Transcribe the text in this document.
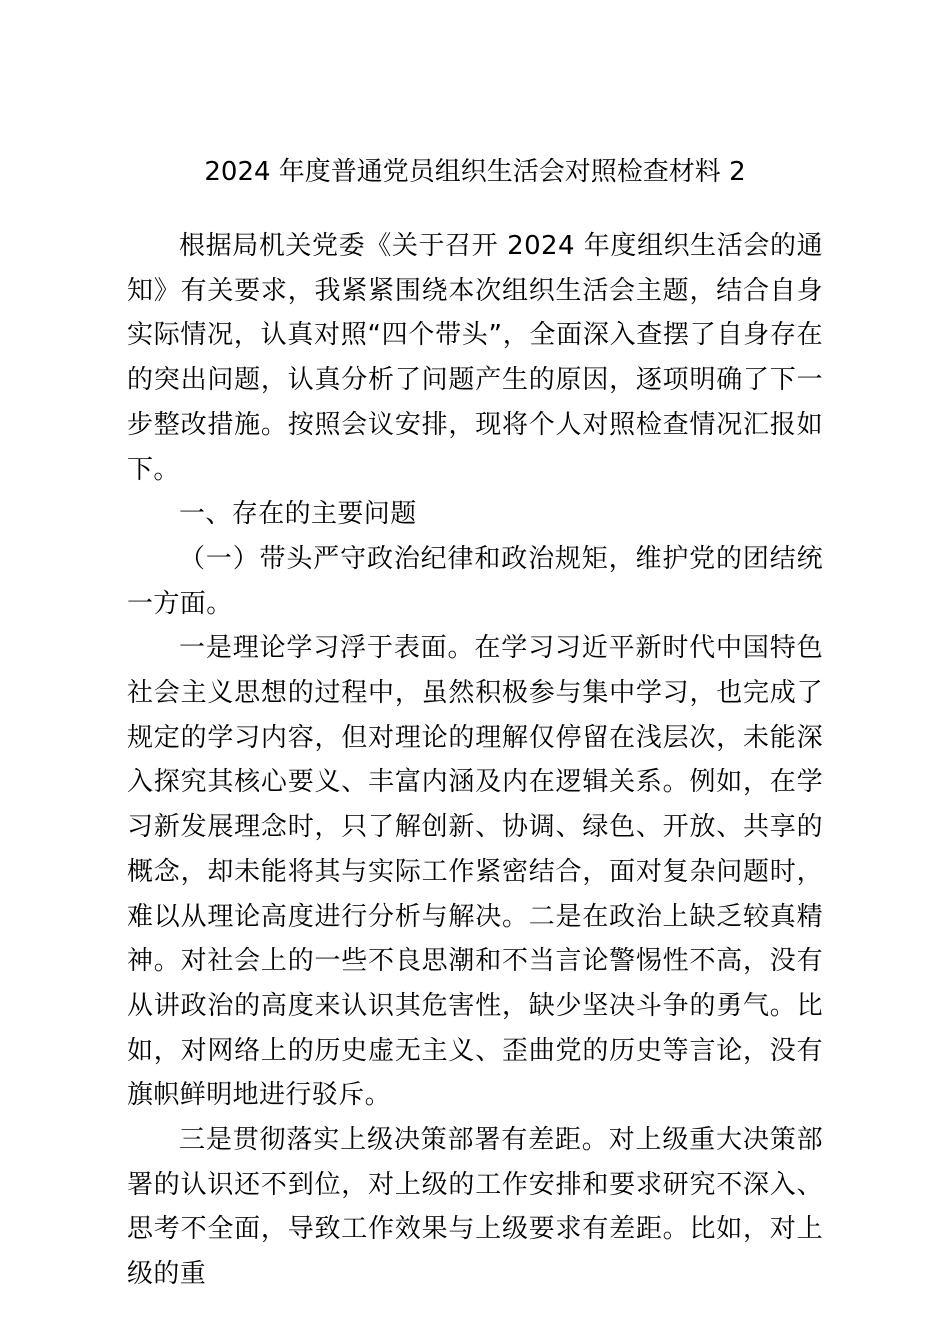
2024 年度普通党员组织生活会对照检查材料 2

根据局机关党委《关于召开 2024 年度组织生活会的通知》有关要求，我紧紧围绕本次组织生活会主题，结合自身实际情况，认真对照“四个带头”，全面深入查摆了自身存在的突出问题，认真分析了问题产生的原因，逐项明确了下一步整改措施。按照会议安排，现将个人对照检查情况汇报如下。

一、存在的主要问题

（一）带头严守政治纪律和政治规矩，维护党的团结统一方面。

一是理论学习浮于表面。在学习习近平新时代中国特色社会主义思想的过程中，虽然积极参与集中学习，也完成了规定的学习内容，但对理论的理解仅停留在浅层次，未能深入探究其核心要义、丰富内涵及内在逻辑关系。例如，在学习新发展理念时，只了解创新、协调、绿色、开放、共享的概念，却未能将其与实际工作紧密结合，面对复杂问题时，难以从理论高度进行分析与解决。二是在政治上缺乏较真精神。对社会上的一些不良思潮和不当言论警惕性不高，没有从讲政治的高度来认识其危害性，缺少坚决斗争的勇气。比如，对网络上的历史虚无主义、歪曲党的历史等言论，没有旗帜鲜明地进行驳斥。

三是贯彻落实上级决策部署有差距。对上级重大决策部署的认识还不到位，对上级的工作安排和要求研究不深入、思考不全面，导致工作效果与上级要求有差距。比如，对上级的重
